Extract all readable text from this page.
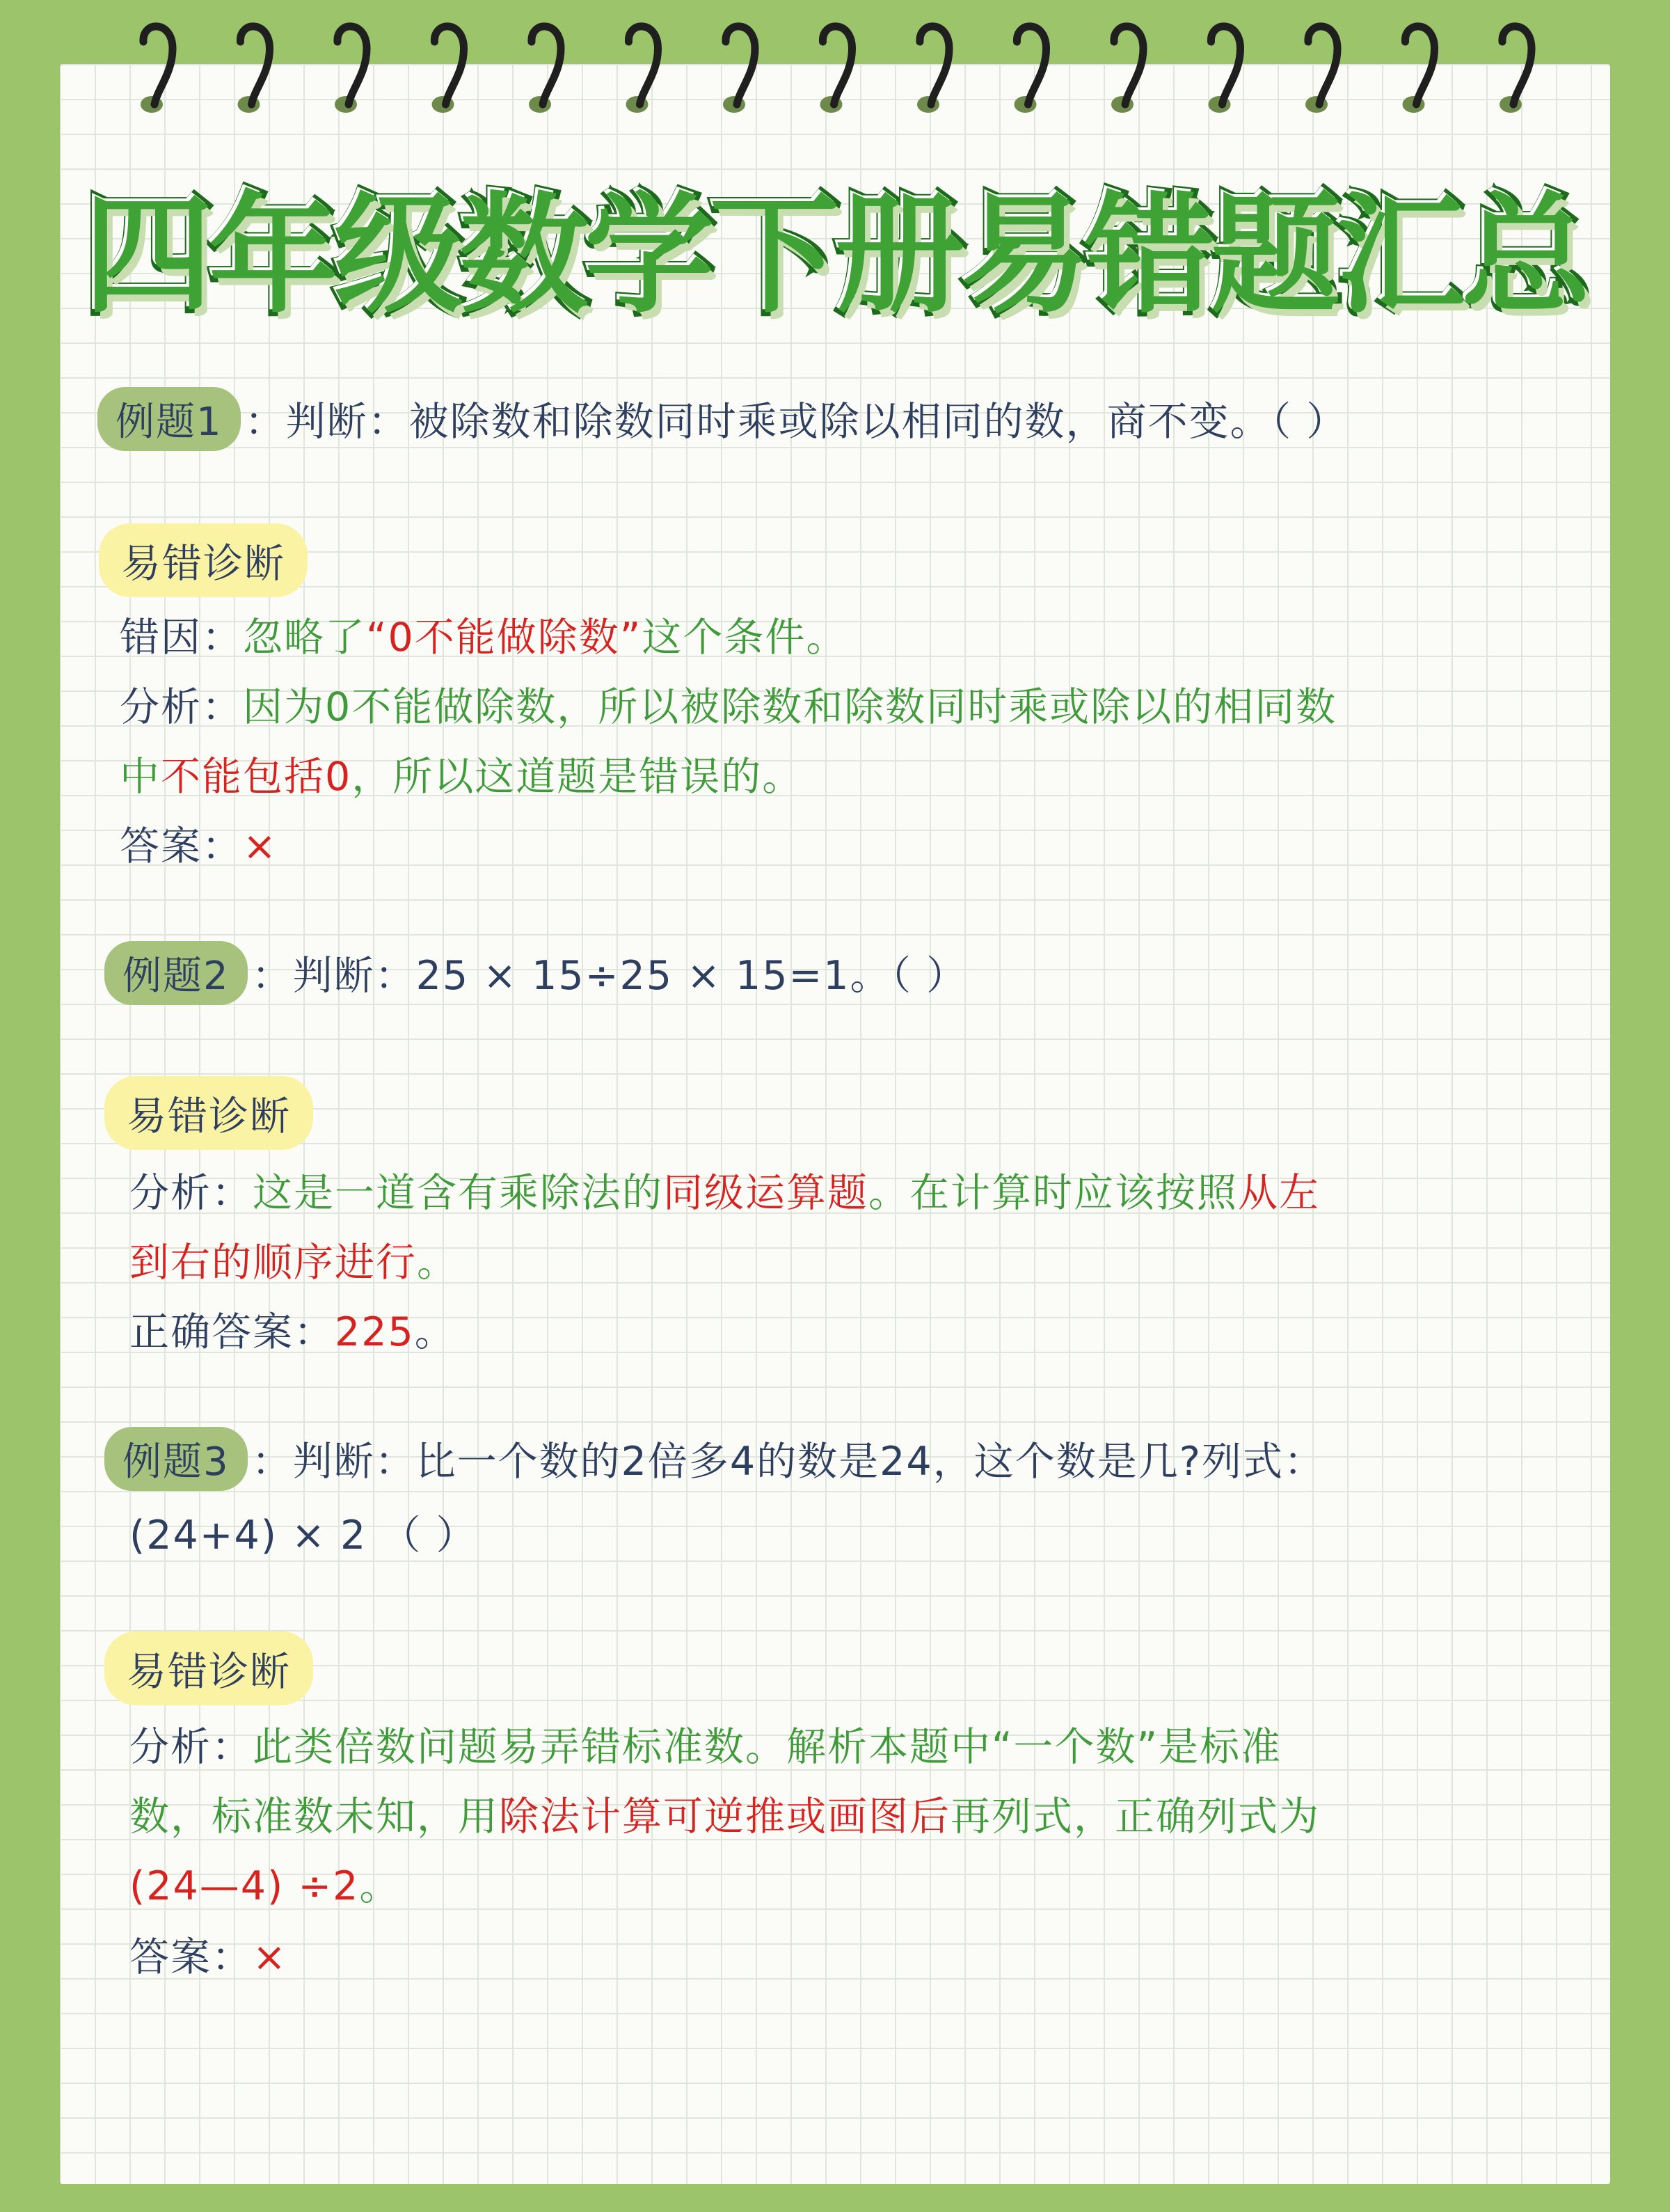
四年级数学下册易错题汇总
例题1 ：判断：被除数和除数同时乘或除以相同的数，商不变。（ ）
易错诊断
错因：忽略了“0不能做除数”这个条件。
分析：因为0不能做除数，所以被除数和除数同时乘或除以的相同数
中不能包括0，所以这道题是错误的。
答案：×
例题2 ：判断：25 × 15÷25 × 15=1。（ ）
易错诊断
分析：这是一道含有乘除法的同级运算题。在计算时应该按照从左
到右的顺序进行。
正确答案：225。
例题3 ：判断：比一个数的2倍多4的数是24，这个数是几?列式：
(24+4) × 2 （ ）
易错诊断
分析：此类倍数问题易弄错标准数。解析本题中“一个数”是标准
数，标准数未知，用除法计算可逆推或画图后再列式，正确列式为
(24—4) ÷2。
答案：×
